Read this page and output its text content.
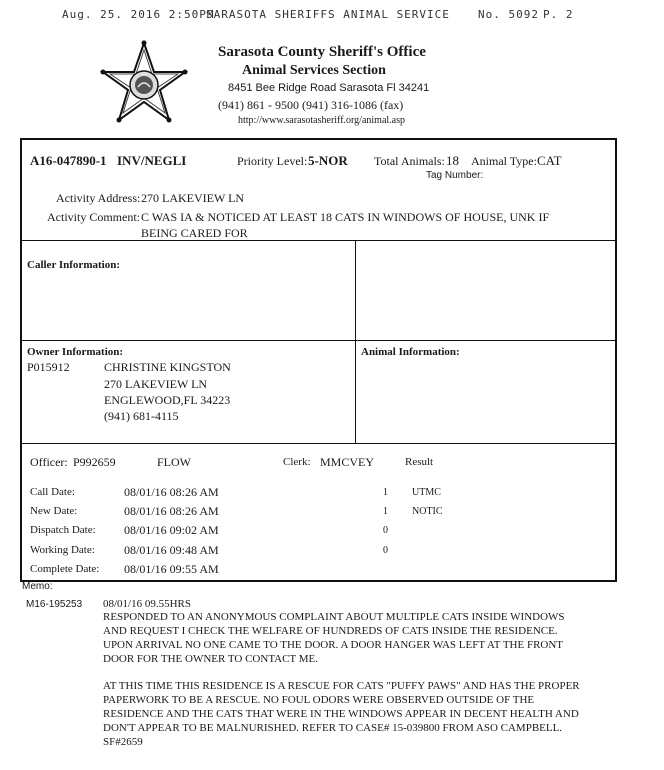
Aug. 25. 2016 2:50PM
SARASOTA SHERIFFS ANIMAL SERVICE	No. 5092 P. 2
Sarasota County Sheriff's Office
Animal Services Section
8451 Bee Ridge Road Sarasota Fl 34241
(941) 861 - 9500 (941) 316-1086 (fax)
http://www.sarasotasheriff.org/animal.asp
A16-047890-1 INV/NEGLI	Priority Level: 5-NOR Total Animals: 18 Animal Type: CAT
Tag Number:
Activity Address: 270 LAKEVIEW LN
Activity Comment: C WAS IA & NOTICED AT LEAST 18 CATS IN WINDOWS OF HOUSE, UNK IF
BEING CARED FOR
Caller Information:
Owner Information:
P015912	CHRISTINE KINGSTON
270 LAKEVIEW LN
ENGLEWOOD,FL 34223
(941) 681-4115
Animal Information:
Officer: P992659	FLOW	Clerk: MMCVEY	Result
Call Date:	08/01/16 08:26 AM	1 UTMC
New Date:	08/01/16 08:26 AM	1 NOTIC
Dispatch Date: 08/01/16 09:02 AM	0
Working Date: 08/01/16 09:48 AM	0
Complete Date: 08/01/16 09:55 AM
Memo:
M16-195253 08/01/16 09.55HRS
RESPONDED TO AN ANONYMOUS COMPLAINT ABOUT MULTIPLE CATS INSIDE WINDOWS
AND REQUEST I CHECK THE WELFARE OF HUNDREDS OF CATS INSIDE THE RESIDENCE.
UPON ARRIVAL NO ONE CAME TO THE DOOR. A DOOR HANGER WAS LEFT AT THE FRONT
DOOR FOR THE OWNER TO CONTACT ME.
AT THIS TIME THIS RESIDENCE IS A RESCUE FOR CATS "PUFFY PAWS" AND HAS THE PROPER
PAPERWORK TO BE A RESCUE. NO FOUL ODORS WERE OBSERVED OUTSIDE OF THE
RESIDENCE AND THE CATS THAT WERE IN THE WINDOWS APPEAR IN DECENT HEALTH AND
DON'T APPEAR TO BE MALNURISHED. REFER TO CASE# 15-039800 FROM ASO CAMPBELL.
SF#2659
